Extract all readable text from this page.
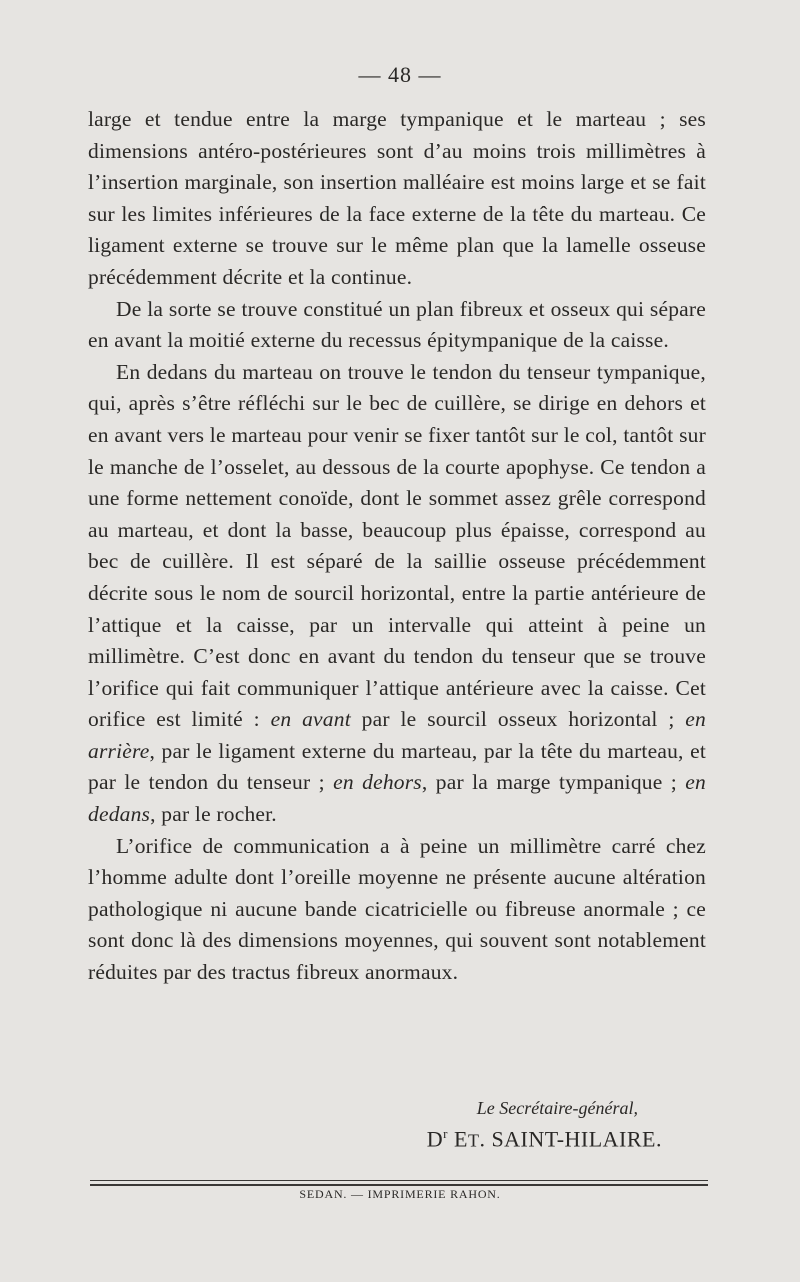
— 48 —

large et tendue entre la marge tympanique et le marteau ; ses dimensions antéro-postérieures sont d’au moins trois millimètres à l’insertion marginale, son insertion malléaire est moins large et se fait sur les limites inférieures de la face externe de la tête du marteau. Ce ligament externe se trouve sur le même plan que la lamelle osseuse précédemment décrite et la continue.

De la sorte se trouve constitué un plan fibreux et osseux qui sépare en avant la moitié externe du recessus épitympanique de la caisse.

En dedans du marteau on trouve le tendon du tenseur tympanique, qui, après s’être réfléchi sur le bec de cuillère, se dirige en dehors et en avant vers le marteau pour venir se fixer tantôt sur le col, tantôt sur le manche de l’osselet, au dessous de la courte apophyse. Ce tendon a une forme nettement conoïde, dont le sommet assez grêle correspond au marteau, et dont la basse, beaucoup plus épaisse, correspond au bec de cuillère. Il est séparé de la saillie osseuse précédemment décrite sous le nom de sourcil horizontal, entre la partie antérieure de l’attique et la caisse, par un intervalle qui atteint à peine un millimètre. C’est donc en avant du tendon du tenseur que se trouve l’orifice qui fait communiquer l’attique antérieure avec la caisse. Cet orifice est limité : en avant par le sourcil osseux horizontal ; en arrière, par le ligament externe du marteau, par la tête du marteau, et par le tendon du tenseur ; en dehors, par la marge tympanique ; en dedans, par le rocher.

L’orifice de communication a à peine un millimètre carré chez l’homme adulte dont l’oreille moyenne ne présente aucune altération pathologique ni aucune bande cicatricielle ou fibreuse anormale ; ce sont donc là des dimensions moyennes, qui souvent sont notablement réduites par des tractus fibreux anormaux.

Le Secrétaire-général,
$D^r$ ET. SAINT-HILAIRE.
SEDAN. — IMPRIMERIE RAHON.
